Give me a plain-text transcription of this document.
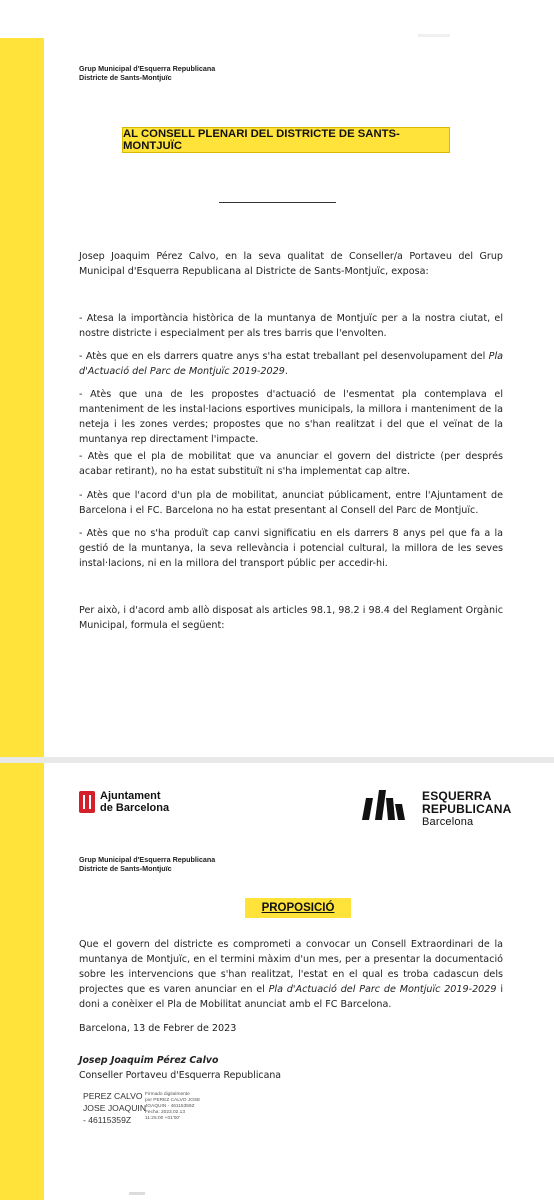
Grup Municipal d'Esquerra Republicana
Districte de Sants-Montjuïc
AL CONSELL PLENARI DEL DISTRICTE DE SANTS-MONTJUÏC
Josep Joaquim Pérez Calvo, en la seva qualitat de Conseller/a Portaveu del Grup Municipal d'Esquerra Republicana al Districte de Sants-Montjuïc, exposa:
- Atesa la importància històrica de la muntanya de Montjuïc per a la nostra ciutat, el nostre districte i especialment per als tres barris que l'envolten.
- Atès que en els darrers quatre anys s'ha estat treballant pel desenvolupament del Pla d'Actuació del Parc de Montjuïc 2019-2029.
- Atès que una de les propostes d'actuació de l'esmentat pla contemplava el manteniment de les instal·lacions esportives municipals, la millora i manteniment de la neteja i les zones verdes; propostes que no s'han realitzat i del que el veïnat de la muntanya rep directament l'impacte.
- Atès que el pla de mobilitat que va anunciar el govern del districte (per després acabar retirant), no ha estat substituït ni s'ha implementat cap altre.
- Atès que l'acord d'un pla de mobilitat, anunciat públicament, entre l'Ajuntament de Barcelona i el FC. Barcelona no ha estat presentant al Consell del Parc de Montjuïc.
- Atès que no s'ha produït cap canvi significatiu en els darrers 8 anys pel que fa a la gestió de la muntanya, la seva rellevància i potencial cultural, la millora de les seves instal·lacions, ni en la millora del transport públic per accedir-hi.
Per això, i d'acord amb allò disposat als articles 98.1, 98.2 i 98.4 del Reglament Orgànic Municipal, formula el següent:
Ajuntament
de Barcelona
ESQUERRA
REPUBLICANA
Barcelona
Grup Municipal d'Esquerra Republicana
Districte de Sants-Montjuïc
PROPOSICIÓ
Que el govern del districte es comprometi a convocar un Consell Extraordinari de la muntanya de Montjuïc, en el termini màxim d'un mes, per a presentar la documentació sobre les intervencions que s'han realitzat, l'estat en el qual es troba cadascun dels projectes que es varen anunciar en el Pla d'Actuació del Parc de Montjuïc 2019-2029 i doni a conèixer el Pla de Mobilitat anunciat amb el FC Barcelona.
Barcelona, 13 de Febrer de 2023
Josep Joaquim Pérez Calvo
Conseller Portaveu d'Esquerra Republicana
PEREZ CALVO
JOSE JOAQUIN
- 46115359Z
Firmado digitalmente
por PEREZ CALVO JOSE
JOAQUIN - 46115359Z
Fecha: 2023.02.13
11:25:00 +01'00'
